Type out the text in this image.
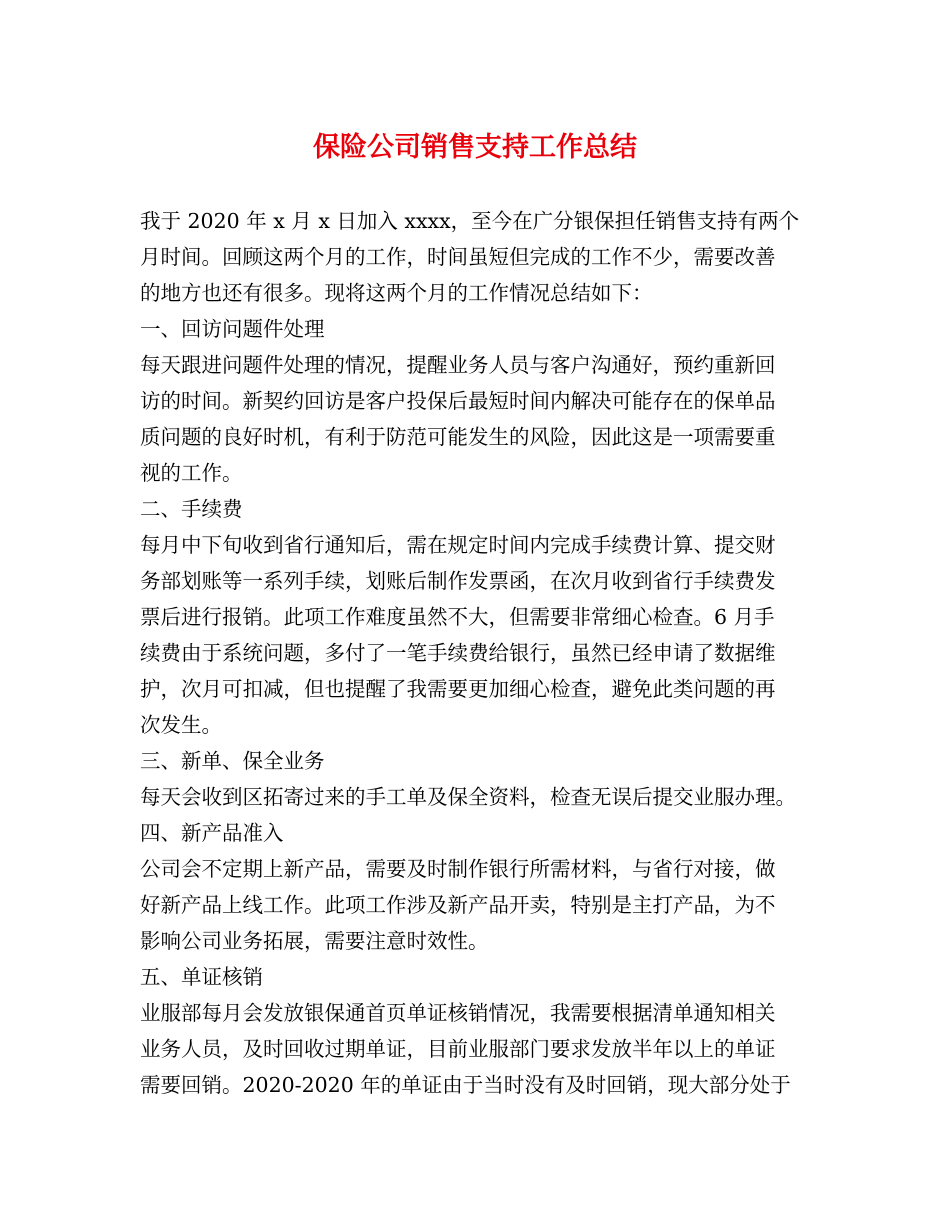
保险公司销售支持工作总结
我于 2020 年 x 月 x 日加入 xxxx，至今在广分银保担任销售支持有两个
月时间。回顾这两个月的工作，时间虽短但完成的工作不少，需要改善
的地方也还有很多。现将这两个月的工作情况总结如下：
一、回访问题件处理
每天跟进问题件处理的情况，提醒业务人员与客户沟通好，预约重新回
访的时间。新契约回访是客户投保后最短时间内解决可能存在的保单品
质问题的良好时机，有利于防范可能发生的风险，因此这是一项需要重
视的工作。
二、手续费
每月中下旬收到省行通知后，需在规定时间内完成手续费计算、提交财
务部划账等一系列手续，划账后制作发票函，在次月收到省行手续费发
票后进行报销。此项工作难度虽然不大，但需要非常细心检查。6 月手
续费由于系统问题，多付了一笔手续费给银行，虽然已经申请了数据维
护，次月可扣减，但也提醒了我需要更加细心检查，避免此类问题的再
次发生。
三、新单、保全业务
每天会收到区拓寄过来的手工单及保全资料，检查无误后提交业服办理。
四、新产品准入
公司会不定期上新产品，需要及时制作银行所需材料，与省行对接，做
好新产品上线工作。此项工作涉及新产品开卖，特别是主打产品，为不
影响公司业务拓展，需要注意时效性。
五、单证核销
业服部每月会发放银保通首页单证核销情况，我需要根据清单通知相关
业务人员，及时回收过期单证，目前业服部门要求发放半年以上的单证
需要回销。2020-2020 年的单证由于当时没有及时回销，现大部分处于
